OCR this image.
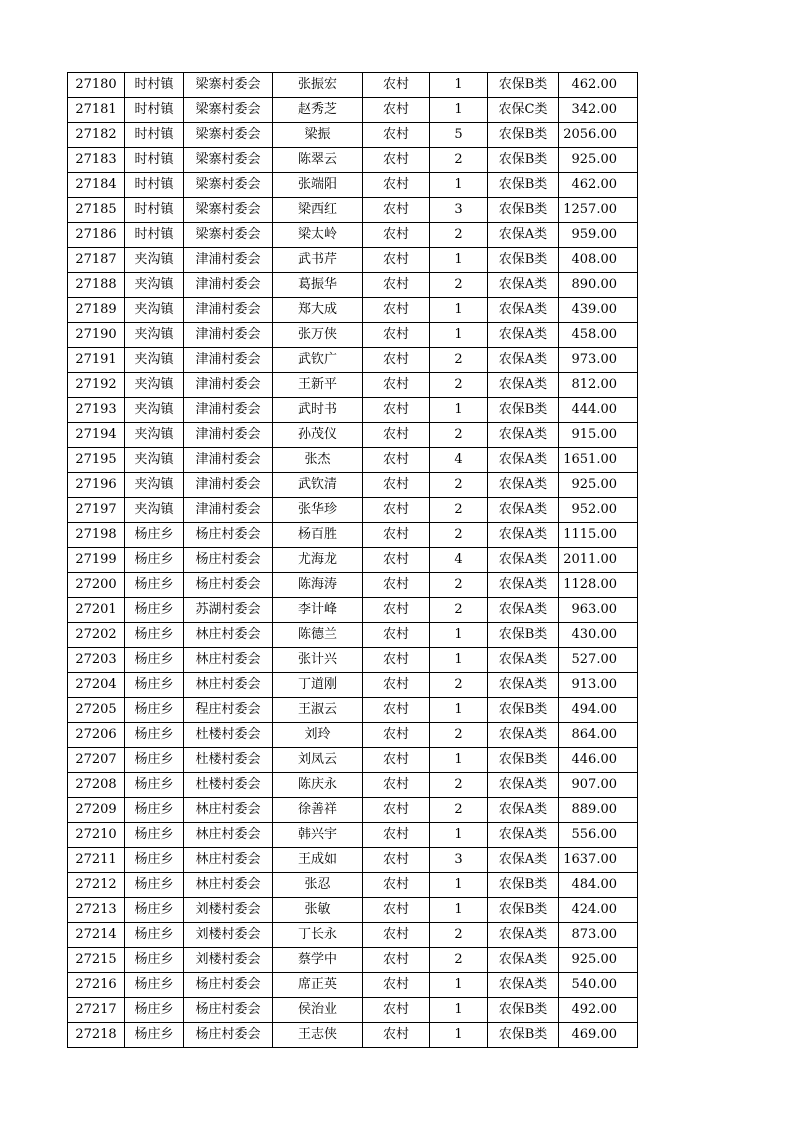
27180	时村镇	梁寨村委会	张振宏	农村	1	农保B类	462.00
27181	时村镇	梁寨村委会	赵秀芝	农村	1	农保C类	342.00
27182	时村镇	梁寨村委会	梁振	农村	5	农保B类	2056.00
27183	时村镇	梁寨村委会	陈翠云	农村	2	农保B类	925.00
27184	时村镇	梁寨村委会	张端阳	农村	1	农保B类	462.00
27185	时村镇	梁寨村委会	梁西红	农村	3	农保B类	1257.00
27186	时村镇	梁寨村委会	梁太岭	农村	2	农保A类	959.00
27187	夹沟镇	津浦村委会	武书芹	农村	1	农保B类	408.00
27188	夹沟镇	津浦村委会	葛振华	农村	2	农保A类	890.00
27189	夹沟镇	津浦村委会	郑大成	农村	1	农保A类	439.00
27190	夹沟镇	津浦村委会	张万侠	农村	1	农保A类	458.00
27191	夹沟镇	津浦村委会	武钦广	农村	2	农保A类	973.00
27192	夹沟镇	津浦村委会	王新平	农村	2	农保A类	812.00
27193	夹沟镇	津浦村委会	武时书	农村	1	农保B类	444.00
27194	夹沟镇	津浦村委会	孙茂仪	农村	2	农保A类	915.00
27195	夹沟镇	津浦村委会	张杰	农村	4	农保A类	1651.00
27196	夹沟镇	津浦村委会	武钦清	农村	2	农保A类	925.00
27197	夹沟镇	津浦村委会	张华珍	农村	2	农保A类	952.00
27198	杨庄乡	杨庄村委会	杨百胜	农村	2	农保A类	1115.00
27199	杨庄乡	杨庄村委会	尤海龙	农村	4	农保A类	2011.00
27200	杨庄乡	杨庄村委会	陈海涛	农村	2	农保A类	1128.00
27201	杨庄乡	苏湖村委会	李计峰	农村	2	农保A类	963.00
27202	杨庄乡	林庄村委会	陈德兰	农村	1	农保B类	430.00
27203	杨庄乡	林庄村委会	张计兴	农村	1	农保A类	527.00
27204	杨庄乡	林庄村委会	丁道刚	农村	2	农保A类	913.00
27205	杨庄乡	程庄村委会	王淑云	农村	1	农保B类	494.00
27206	杨庄乡	杜楼村委会	刘玲	农村	2	农保A类	864.00
27207	杨庄乡	杜楼村委会	刘凤云	农村	1	农保B类	446.00
27208	杨庄乡	杜楼村委会	陈庆永	农村	2	农保A类	907.00
27209	杨庄乡	林庄村委会	徐善祥	农村	2	农保A类	889.00
27210	杨庄乡	林庄村委会	韩兴宇	农村	1	农保A类	556.00
27211	杨庄乡	林庄村委会	王成如	农村	3	农保A类	1637.00
27212	杨庄乡	林庄村委会	张忍	农村	1	农保B类	484.00
27213	杨庄乡	刘楼村委会	张敏	农村	1	农保B类	424.00
27214	杨庄乡	刘楼村委会	丁长永	农村	2	农保A类	873.00
27215	杨庄乡	刘楼村委会	蔡学中	农村	2	农保A类	925.00
27216	杨庄乡	杨庄村委会	席正英	农村	1	农保A类	540.00
27217	杨庄乡	杨庄村委会	侯治业	农村	1	农保B类	492.00
27218	杨庄乡	杨庄村委会	王志侠	农村	1	农保B类	469.00
